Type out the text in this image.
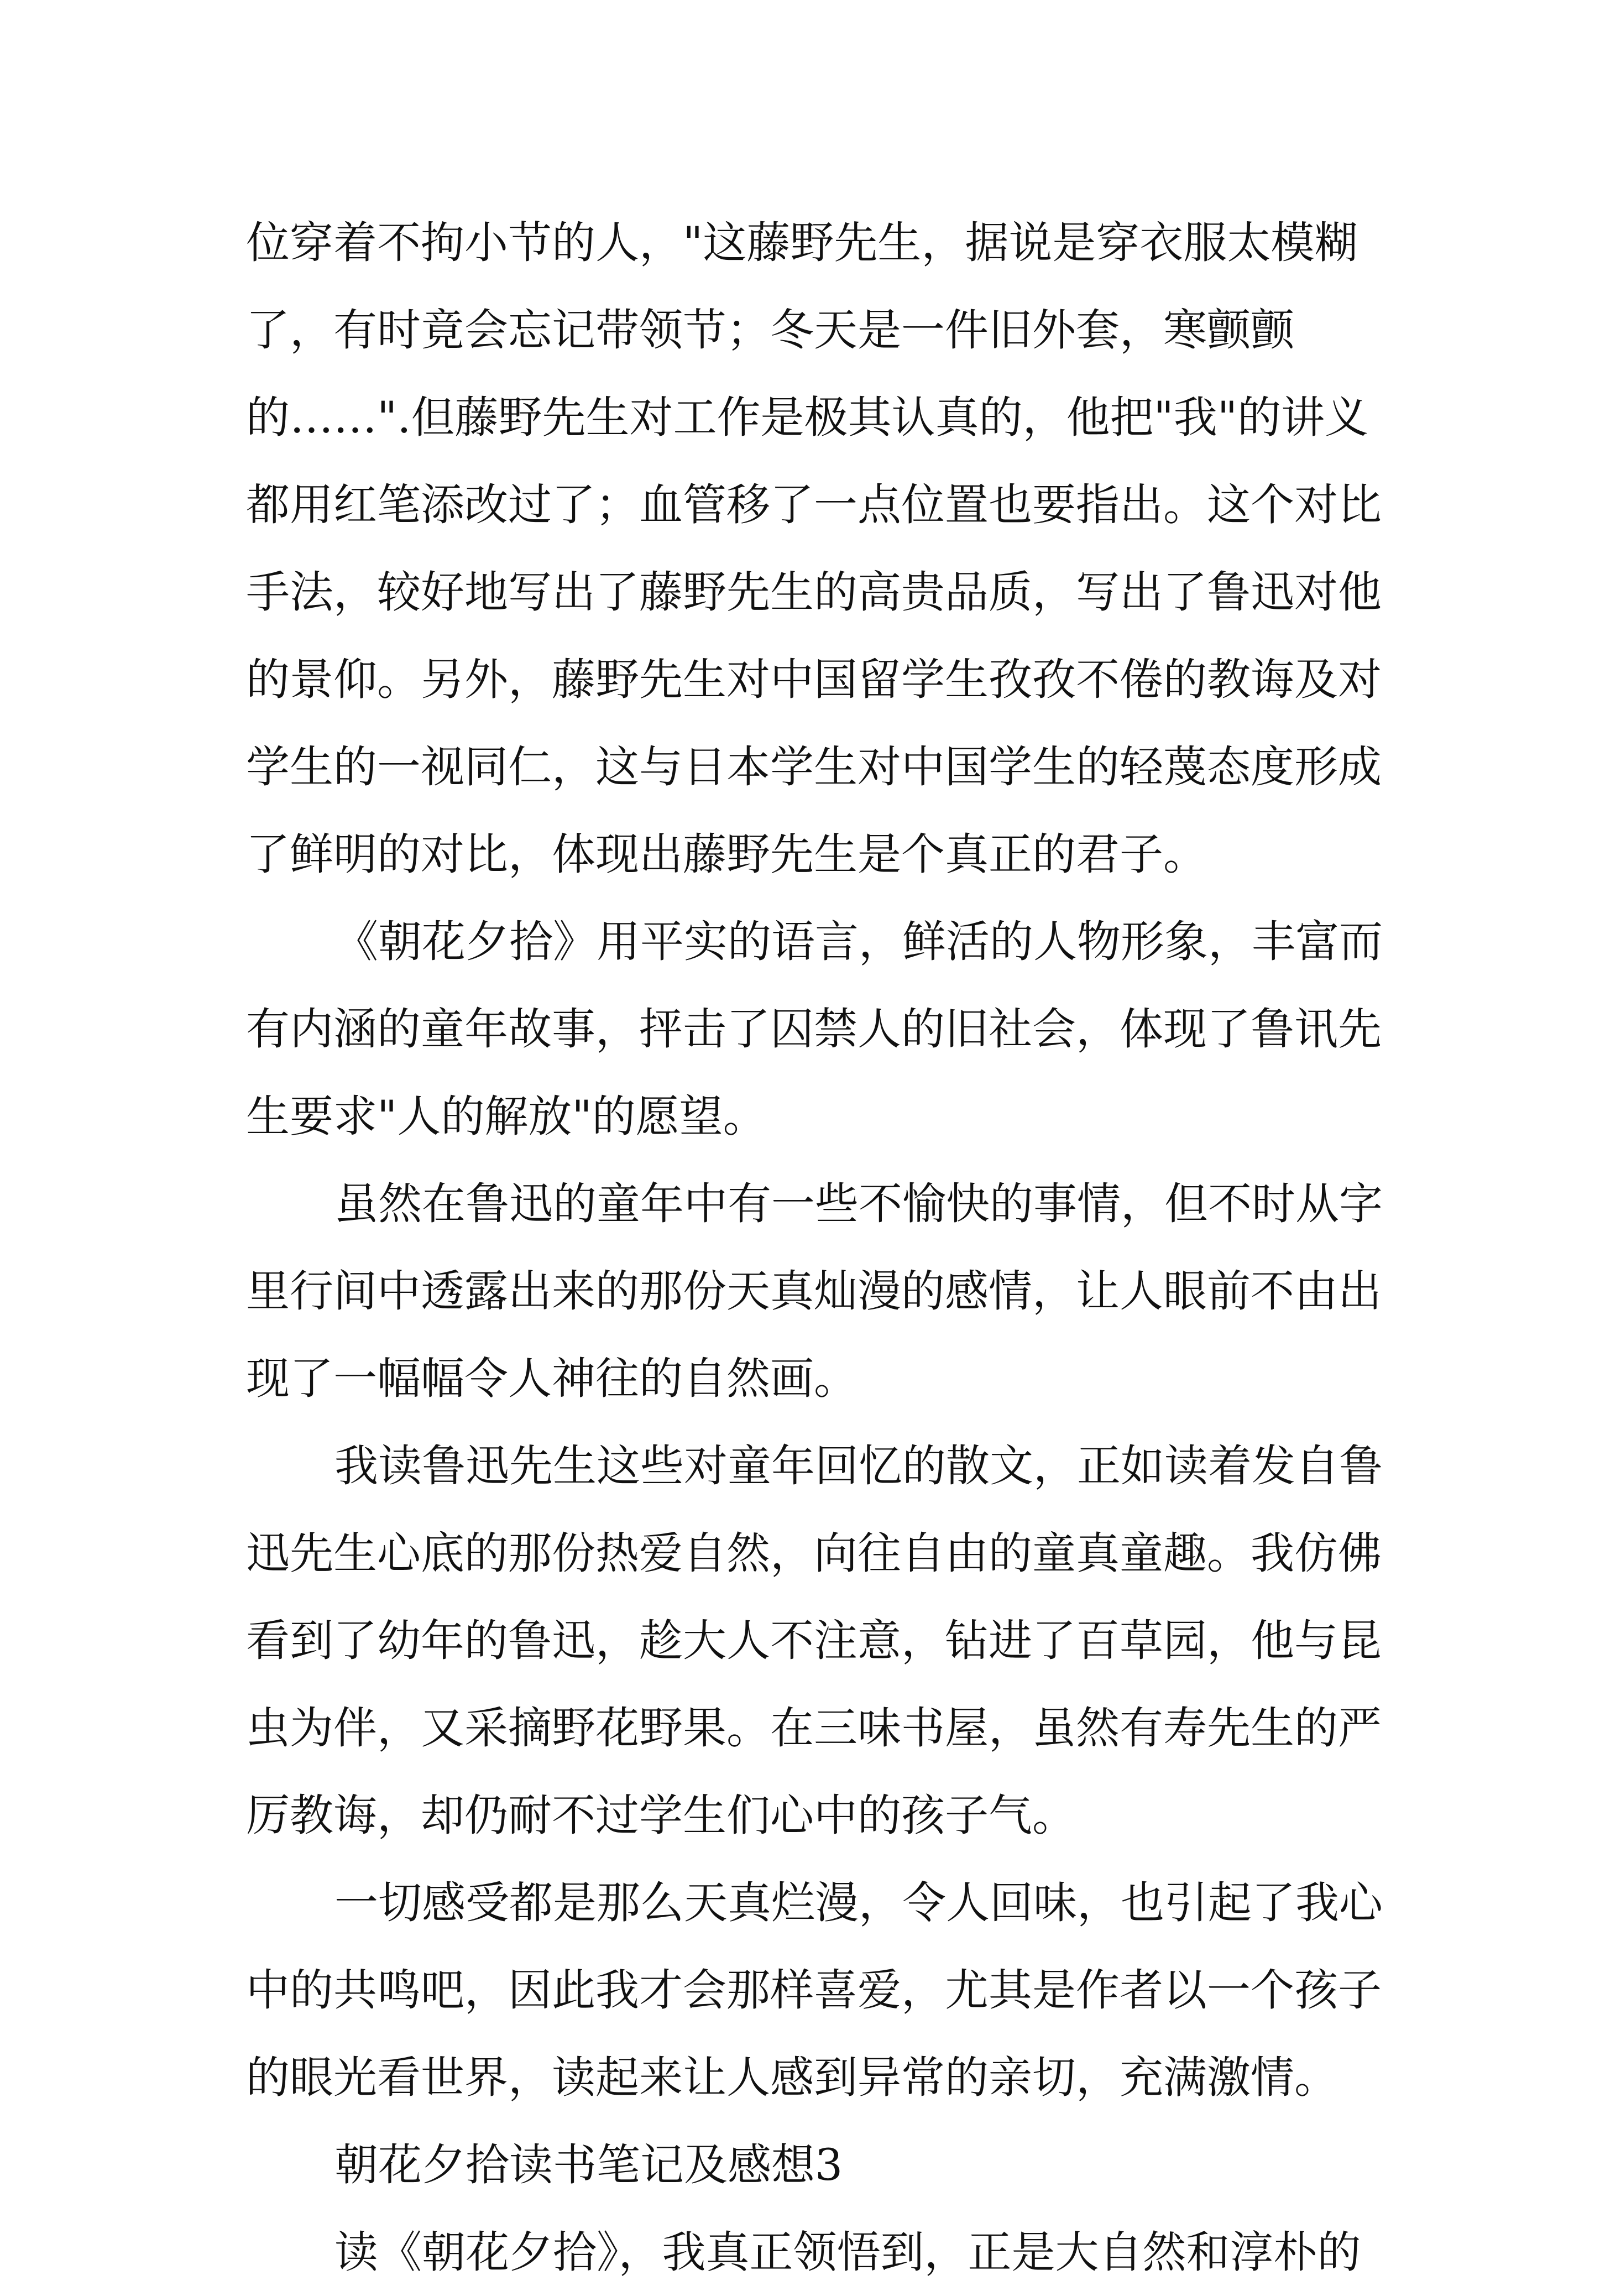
位穿着不拘小节的人，"这藤野先生，据说是穿衣服太模糊
了，有时竟会忘记带领节；冬天是一件旧外套，寒颤颤
的……".但藤野先生对工作是极其认真的，他把"我"的讲义
都用红笔添改过了；血管移了一点位置也要指出。这个对比
手法，较好地写出了藤野先生的高贵品质，写出了鲁迅对他
的景仰。另外，藤野先生对中国留学生孜孜不倦的教诲及对
学生的一视同仁，这与日本学生对中国学生的轻蔑态度形成
了鲜明的对比，体现出藤野先生是个真正的君子。
《朝花夕拾》用平实的语言，鲜活的人物形象，丰富而
有内涵的童年故事，抨击了囚禁人的旧社会，体现了鲁讯先
生要求"人的解放"的愿望。
虽然在鲁迅的童年中有一些不愉快的事情，但不时从字
里行间中透露出来的那份天真灿漫的感情，让人眼前不由出
现了一幅幅令人神往的自然画。
我读鲁迅先生这些对童年回忆的散文，正如读着发自鲁
迅先生心底的那份热爱自然，向往自由的童真童趣。我仿佛
看到了幼年的鲁迅，趁大人不注意，钻进了百草园，他与昆
虫为伴，又采摘野花野果。在三味书屋，虽然有寿先生的严
厉教诲，却仍耐不过学生们心中的孩子气。
一切感受都是那么天真烂漫，令人回味，也引起了我心
中的共鸣吧，因此我才会那样喜爱，尤其是作者以一个孩子
的眼光看世界，读起来让人感到异常的亲切，充满激情。
朝花夕拾读书笔记及感想3
读《朝花夕拾》，我真正领悟到，正是大自然和淳朴的
